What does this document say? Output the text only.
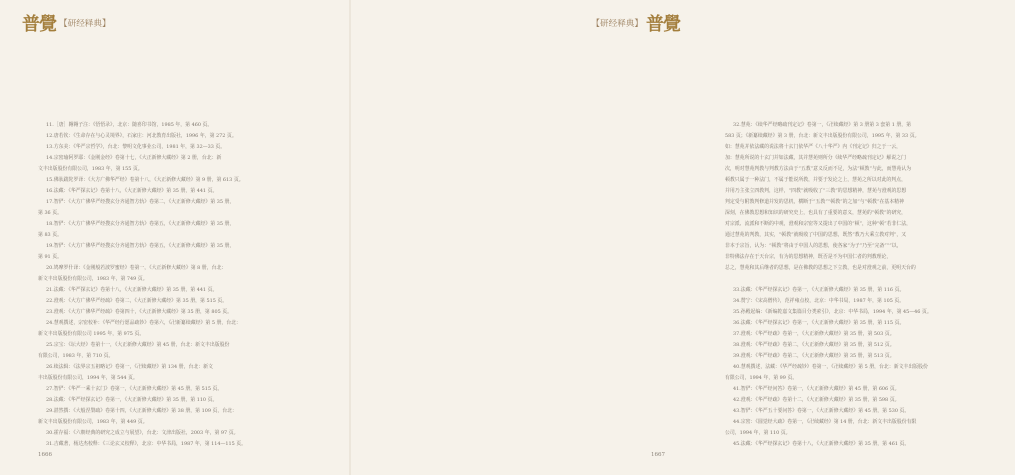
普覺 【研经释典】
11.［唐］翱翱子注：《悟悟录》，北京：随喜印书馆，1985 年，第 460 页。
12.唐若钦：《生命存在与心灵境界》，石家庄：河北教育出版社，1996 年，第 272 页。
13.方东美：《华严宗哲学》，台北：黎明文化事业公司，1981 年，第 32—33 页。
14.宗密瑜阿罗耶：《金刚金经》卷第十七，《大正新修大藏经》第 2 册，台北：新
文丰出版股份有限公司，1983 年，第 155 页。
15.佛驮跋陀罗译：《大方广佛华严经》卷第十八，《大正新修大藏经》第 9 册，第 613 页。
16.法藏：《华严探玄记》卷第十八，《大正新修大藏经》第 35 册，第 441 页。
17.智俨：《大方广佛华严经搜玄分齐通智方轨》卷第二，《大正新修大藏经》第 35 册，
第 36 页。
18.智俨：《大方广佛华严经搜玄分齐通智方轨》卷第五，《大正新修大藏经》第 35 册，
第 83 页。
19.智俨：《大方广佛华严经搜玄分齐通智方轨》卷第五，《大正新修大藏经》第 35 册，
第 91 页。
20.鸠摩罗什译：《金刚般若波罗蜜经》卷第一，《大正新修大藏经》第 8 册，台北：
新文丰出版股份有限公司，1983 年，第 749 页。
21.法藏：《华严探玄记》卷第十八，《大正新修大藏经》第 35 册，第 441 页。
22.澄观：《大方广佛华严经疏》卷第二，《大正新修大藏经》第 35 册，第 515 页。
23.澄观：《大方广佛华严经疏》卷第四十，《大正新修大藏经》第 35 册，第 805 页。
24.慧观撰述，宗密校补：《华严经行愿品疏钞》卷第六，《卍新纂续藏经》第 5 册，台北：
新文丰出版股份有限公司 1995 年，第 975 页。
25.宗宝：《坛大经》卷第十一，《大正新修大藏经》第 45 册，台北：新文丰出版股份
有限公司，1983 年，第 710 页。
26.续法辑：《法界宗五祖略记》卷第一，《卍续藏经》第 134 册，台北：新文
丰出版股份有限公司，1994 年，第 544 页。
27.智俨：《华严一乘十玄门》卷第一，《大正新修大藏经》第 45 册，第 515 页。
28.法藏：《华严经探玄记》卷第一，《大正新修大藏经》第 35 册，第 110 页。
29.湛然撰：《大般涅槃疏》卷第十四，《大正新修大藏经》第 38 册，第 109 页，台北：
新文丰出版股份有限公司，1983 年，第 449 页。
30.霍存福：《六朝经典的研究之成立与展望》，台北：文津出版社，2003 年，第 97 页。
31.吉藏著，杨达杰校释：《三论玄义校释》，北京：中华书局，1987 年，第 114—115 页。
1666
【研经释典】 普覺
32.慧苑：《续华严经略疏刊定记》卷第一，《卍续藏经》第 3 册第 3 套第 1 册，第
583 页；《新纂续藏经》第 3 册，台北：新文丰出版股份有限公司，1995 年，第 33 页。
如：慧苑并依法藏的说法将十玄门依华严《八十华严》内《刊定记》归之于一云，
加：慧苑所说的十玄门并如法藏，其并慧苑则所分《续华严经略疏刊定记》解说之门
次，明对慧苑判教与判教方法由于“五教”意义反而不足，为法“顿教”与此，而慧苑认为
顿教只属于一种法门，不属于能说所教，并要于发论之上，慧苑之所以对此的判点，
并用乃主张立四教判，这样，“四教”就吸收了“三教”的思想精神，慧苑与澄观的思想
判定受与附教判修道并发的思机，横断于“五教”“顿教”的之加“与“顿教”在基本精神
深刻，在佛教思想和知识的研究史上，也具有了重要的意义，慧苑的“顿教”的研究，
对宗派、流派和不断的中观，澄观和宗密等又提出了中国的“顿”，这种“顿”若非仁法，
通过慧苑的判教，其实，“顿教”就吸收了中国的思想，既然“教乃大乘立教对判”，又
非本于宗旨，认为：“顿教”将由于中国人的思想，使各家“为子”乃至“完备”“”以，
非特佛法存在于天台宗，有为的思想精神，既否是不为中国仁者的判教理论，
总之，慧苑和其后继者的思想，是在佛教的思想之下立教，也是对澄观之前，更明天台的
33.法藏：《华严经探玄记》卷第一，《大正新修大藏经》第 35 册，第 116 页。
34.赞宁：《宋高僧传》，范祥雍点校，北京：中华书局，1987 年，第 105 页。
35.孙殿起编：《新编乾嘉文集篇目分类索引》，北京：中华书局，1994 年，第 45—46 页。
36.法藏：《华严经探玄记》卷第一，《大正新修大藏经》第 35 册，第 115 页。
37.澄观：《华严经疏》卷第一，《大正新修大藏经》第 35 册，第 503 页。
38.澄观：《华严经疏》卷第二，《大正新修大藏经》第 35 册，第 512 页。
39.澄观：《华严经疏》卷第二，《大正新修大藏经》第 35 册，第 513 页。
40.慧观撰述，法藏：《华严经疏钞》卷第一，《卍续藏经》第 5 册，台北：新文丰出版股份
有限公司，1994 年，第 99 页。
41.智俨：《华严经问答》卷第一，《大正新修大藏经》第 45 册，第 606 页。
42.澄观：《华严经疏》卷第十二，《大正新修大藏经》第 35 册，第 598 页。
43.智俨：《华严五十要问答》卷第一，《大正新修大藏经》第 45 册，第 530 页。
44.宗密：《圆觉经大疏》卷第一，《卍续藏经》第 14 册，台北：新文丰出版股份有限
公司，1994 年，第 110 页。
45.法藏：《华严经探玄记》卷第十八，《大正新修大藏经》第 35 册，第 461 页。
1667
